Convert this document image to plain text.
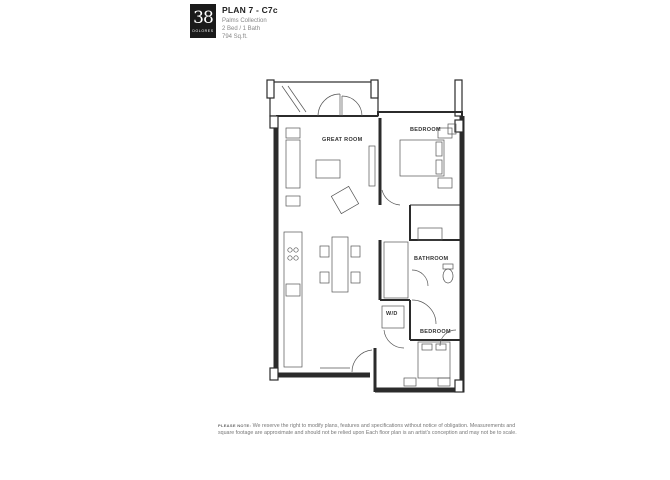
38
DOLORES
PLAN 7 - C7c
Palms Collection
2 Bed / 1 Bath
794 Sq.ft.
GREAT ROOM
BEDROOM
BATHROOM
W/D
BEDROOM
PLEASE NOTE: We reserve the right to modify plans, features and specifications without notice of obligation. Measurements and square footage are approximate and should not be relied upon Each floor plan is an artist's conception and may not be to scale.
